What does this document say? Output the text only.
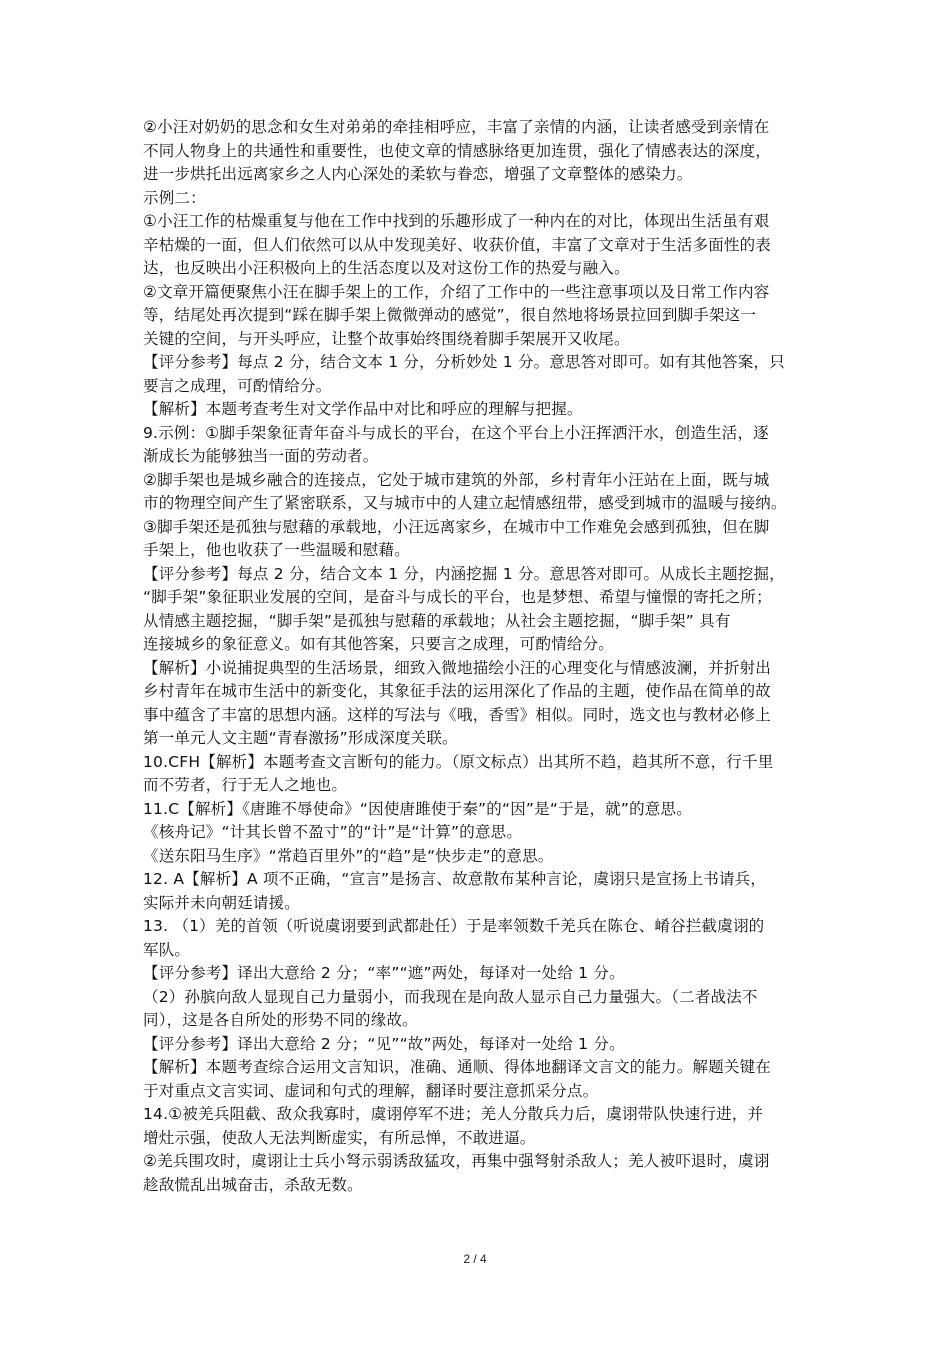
②小汪对奶奶的思念和女生对弟弟的牵挂相呼应，丰富了亲情的内涵，让读者感受到亲情在
不同人物身上的共通性和重要性，也使文章的情感脉络更加连贯，强化了情感表达的深度，
进一步烘托出远离家乡之人内心深处的柔软与眷恋，增强了文章整体的感染力。
示例二：
①小汪工作的枯燥重复与他在工作中找到的乐趣形成了一种内在的对比，体现出生活虽有艰
辛枯燥的一面，但人们依然可以从中发现美好、收获价值，丰富了文章对于生活多面性的表
达，也反映出小汪积极向上的生活态度以及对这份工作的热爱与融入。
②文章开篇便聚焦小汪在脚手架上的工作，介绍了工作中的一些注意事项以及日常工作内容
等，结尾处再次提到“踩在脚手架上微微弹动的感觉”，很自然地将场景拉回到脚手架这一
关键的空间，与开头呼应，让整个故事始终围绕着脚手架展开又收尾。
【评分参考】每点 2 分，结合文本 1 分，分析妙处 1 分。意思答对即可。如有其他答案，只
要言之成理，可酌情给分。
【解析】本题考查考生对文学作品中对比和呼应的理解与把握。
9.示例：①脚手架象征青年奋斗与成长的平台，在这个平台上小汪挥洒汗水，创造生活，逐
渐成长为能够独当一面的劳动者。
②脚手架也是城乡融合的连接点，它处于城市建筑的外部，乡村青年小汪站在上面，既与城
市的物理空间产生了紧密联系，又与城市中的人建立起情感纽带，感受到城市的温暖与接纳。
③脚手架还是孤独与慰藉的承载地，小汪远离家乡，在城市中工作难免会感到孤独，但在脚
手架上，他也收获了一些温暖和慰藉。
【评分参考】每点 2 分，结合文本 1 分，内涵挖掘 1 分。意思答对即可。从成长主题挖掘，
“脚手架”象征职业发展的空间，是奋斗与成长的平台，也是梦想、希望与憧憬的寄托之所；
从情感主题挖掘，“脚手架”是孤独与慰藉的承载地；从社会主题挖掘，“脚手架” 具有
连接城乡的象征意义。如有其他答案，只要言之成理，可酌情给分。
【解析】小说捕捉典型的生活场景，细致入微地描绘小汪的心理变化与情感波澜，并折射出
乡村青年在城市生活中的新变化，其象征手法的运用深化了作品的主题，使作品在简单的故
事中蕴含了丰富的思想内涵。这样的写法与《哦，香雪》相似。同时，选文也与教材必修上
第一单元人文主题“青春激扬”形成深度关联。
10.CFH【解析】本题考查文言断句的能力。（原文标点）出其所不趋，趋其所不意，行千里
而不劳者，行于无人之地也。
11.C【解析】《唐雎不辱使命》“因使唐雎使于秦”的“因”是“于是，就”的意思。
《核舟记》“计其长曾不盈寸”的“计”是“计算”的意思。
《送东阳马生序》“常趋百里外”的“趋”是“快步走”的意思。
12. A【解析】A 项不正确，“宣言”是扬言、故意散布某种言论，虞诩只是宣扬上书请兵，
实际并未向朝廷请援。
13. （1）羌的首领（听说虞诩要到武都赴任）于是率领数千羌兵在陈仓、崤谷拦截虞诩的
军队。
【评分参考】译出大意给 2 分；“率”“遮”两处，每译对一处给 1 分。
（2）孙膑向敌人显现自己力量弱小，而我现在是向敌人显示自己力量强大。（二者战法不
同），这是各自所处的形势不同的缘故。
【评分参考】译出大意给 2 分；“见”“故”两处，每译对一处给 1 分。
【解析】本题考查综合运用文言知识，准确、通顺、得体地翻译文言文的能力。解题关键在
于对重点文言实词、虚词和句式的理解，翻译时要注意抓采分点。
14.①被羌兵阻截、敌众我寡时，虞诩停军不进；羌人分散兵力后，虞诩带队快速行进，并
增灶示强，使敌人无法判断虚实，有所忌惮，不敢进逼。
②羌兵围攻时，虞诩让士兵小弩示弱诱敌猛攻，再集中强弩射杀敌人；羌人被吓退时，虞诩
趁敌慌乱出城奋击，杀敌无数。
2 / 4
